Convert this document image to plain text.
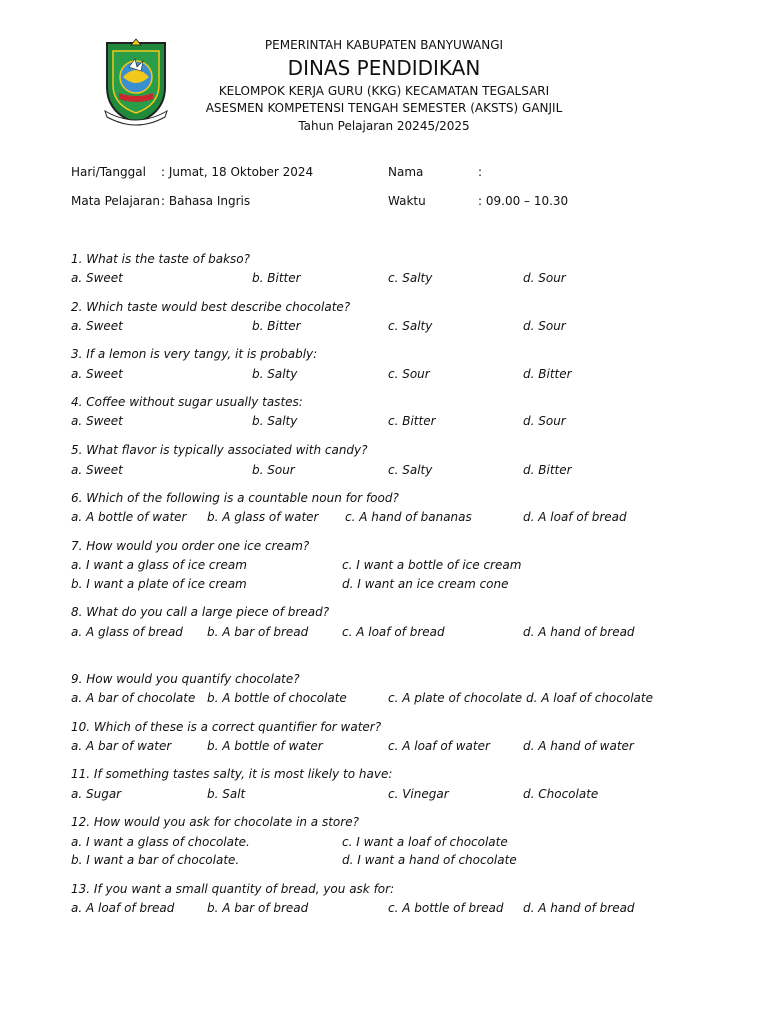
PEMERINTAH KABUPATEN BANYUWANGI
DINAS PENDIDIKAN
KELOMPOK KERJA GURU (KKG) KECAMATAN TEGALSARI
ASESMEN KOMPETENSI TENGAH SEMESTER (AKSTS) GANJIL
Tahun Pelajaran 20245/2025
Hari/Tanggal : Jumat, 18 Oktober 2024	Nama	:
Mata Pelajaran : Bahasa Ingris	Waktu	: 09.00 – 10.30
1. What is the taste of bakso?
a. Sweet	b. Bitter	c. Salty	d. Sour
2. Which taste would best describe chocolate?
a. Sweet	b. Bitter	c. Salty	d. Sour
3. If a lemon is very tangy, it is probably:
a. Sweet	b. Salty	c. Sour	d. Bitter
4. Coffee without sugar usually tastes:
a. Sweet	b. Salty	c. Bitter	d. Sour
5. What flavor is typically associated with candy?
a. Sweet	b. Sour	c. Salty	d. Bitter
6. Which of the following is a countable noun for food?
a. A bottle of water b. A glass of water c. A hand of bananas	d. A loaf of bread
7. How would you order one ice cream?
a. I want a glass of ice cream	c. I want a bottle of ice cream
b. I want a plate of ice cream	d. I want an ice cream cone
8. What do you call a large piece of bread?
a. A glass of bread b. A bar of bread	c. A loaf of bread	d. A hand of bread
9. How would you quantify chocolate?
a. A bar of chocolate b. A bottle of chocolate	c. A plate of chocolate d. A loaf of chocolate
10. Which of these is a correct quantifier for water?
a. A bar of water	b. A bottle of water	c. A loaf of water	d. A hand of water
11. If something tastes salty, it is most likely to have:
a. Sugar	b. Salt	c. Vinegar	d. Chocolate
12. How would you ask for chocolate in a store?
a. I want a glass of chocolate.	c. I want a loaf of chocolate
b. I want a bar of chocolate.	d. I want a hand of chocolate
13. If you want a small quantity of bread, you ask for:
a. A loaf of bread	b. A bar of bread	c. A bottle of bread d. A hand of bread
